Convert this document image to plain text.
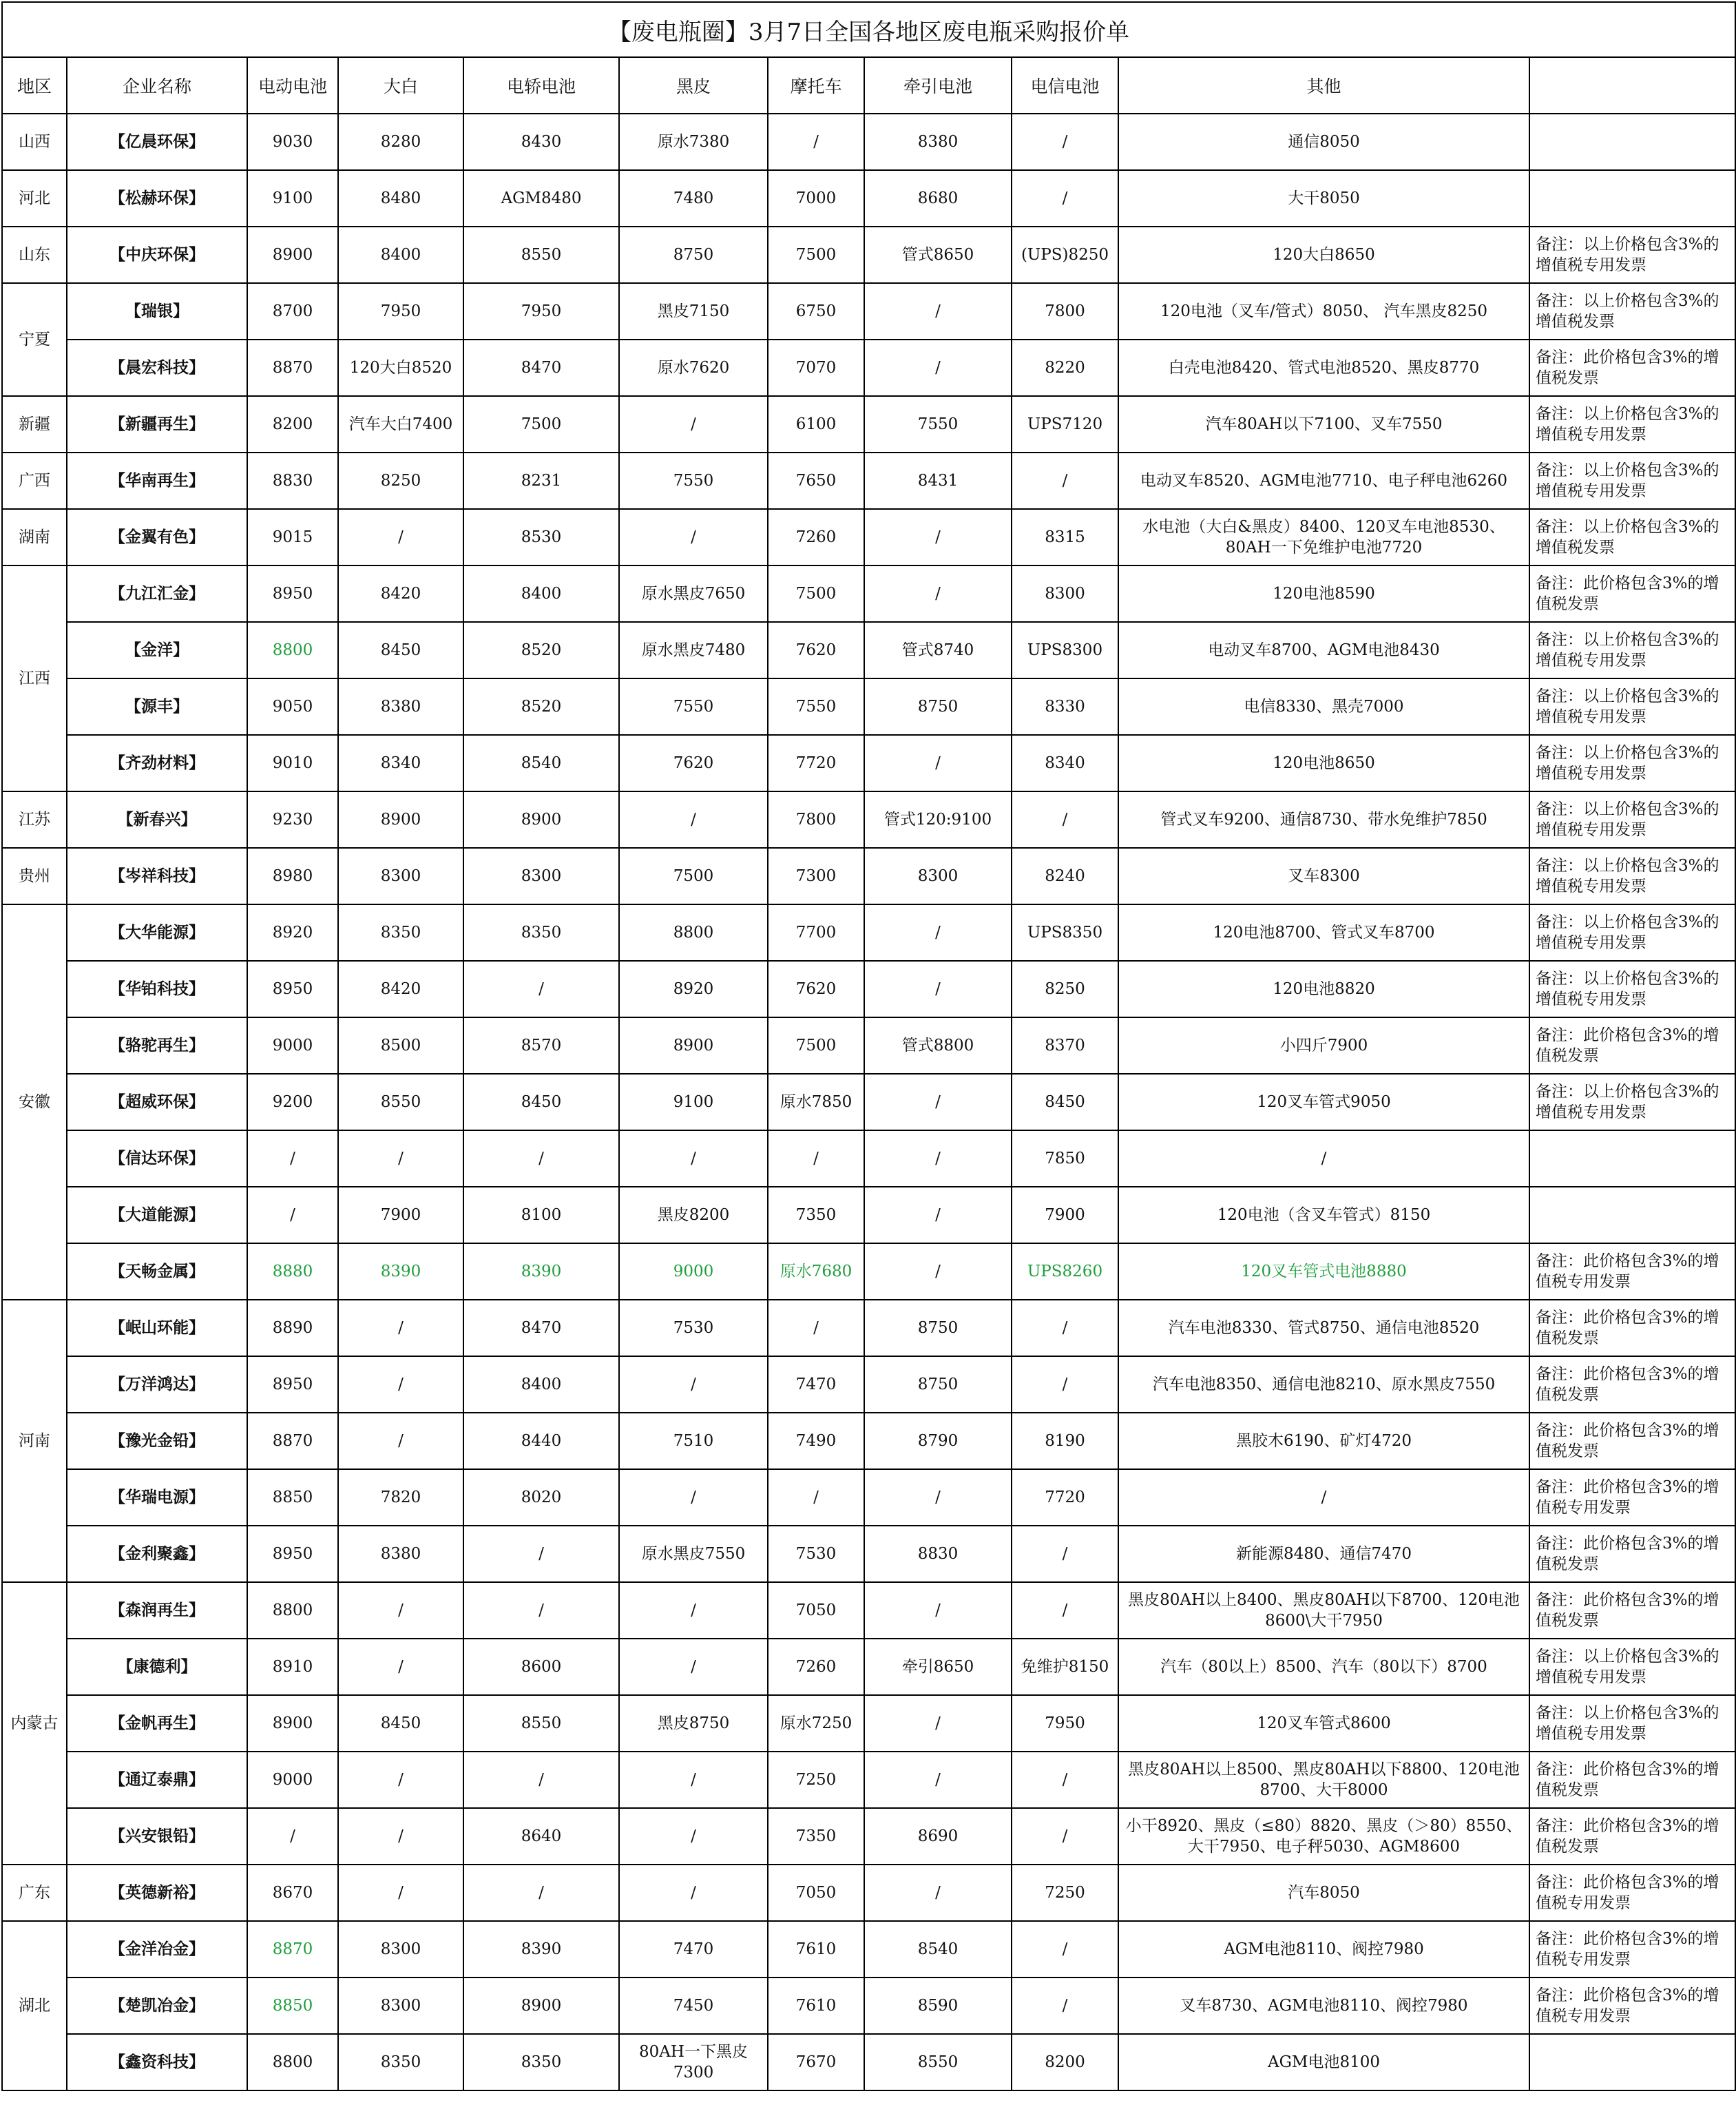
【废电瓶圈】3月7日全国各地区废电瓶采购报价单										
地区	企业名称	电动电池	大白	电轿电池	黑皮	摩托车	牵引电池	电信电池	其他	
山西	【亿晨环保】	9030	8280	8430	原水7380	/	8380	/	通信8050	
河北	【松赫环保】	9100	8480	AGM8480	7480	7000	8680	/	大干8050	
山东	【中庆环保】	8900	8400	8550	8750	7500	管式8650	(UPS)8250	120大白8650	备注：以上价格包含3%的增值税专用发票
宁夏	【瑞银】	8700	7950	7950	黑皮7150	6750	/	7800	120电池（叉车/管式）8050、 汽车黑皮8250	备注：以上价格包含3%的增值税发票
	【晨宏科技】	8870	120大白8520	8470	原水7620	7070	/	8220	白壳电池8420、管式电池8520、黑皮8770	备注：此价格包含3%的增值税发票
新疆	【新疆再生】	8200	汽车大白7400	7500	/	6100	7550	UPS7120	汽车80AH以下7100、叉车7550	备注：以上价格包含3%的增值税专用发票
广西	【华南再生】	8830	8250	8231	7550	7650	8431	/	电动叉车8520、AGM电池7710、电子秤电池6260	备注：以上价格包含3%的增值税专用发票
湖南	【金翼有色】	9015	/	8530	/	7260	/	8315	水电池（大白&黑皮）8400、120叉车电池8530、80AH一下免维护电池7720	备注：以上价格包含3%的增值税发票
江西	【九江汇金】	8950	8420	8400	原水黑皮7650	7500	/	8300	120电池8590	备注：此价格包含3%的增值税发票
	【金洋】	8800	8450	8520	原水黑皮7480	7620	管式8740	UPS8300	电动叉车8700、AGM电池8430	备注：以上价格包含3%的增值税专用发票
	【源丰】	9050	8380	8520	7550	7550	8750	8330	电信8330、黑壳7000	备注：以上价格包含3%的增值税专用发票
	【齐劲材料】	9010	8340	8540	7620	7720	/	8340	120电池8650	备注：以上价格包含3%的增值税专用发票
江苏	【新春兴】	9230	8900	8900	/	7800	管式120:9100	/	管式叉车9200、通信8730、带水免维护7850	备注：以上价格包含3%的增值税专用发票
贵州	【岑祥科技】	8980	8300	8300	7500	7300	8300	8240	叉车8300	备注：以上价格包含3%的增值税专用发票
安徽	【大华能源】	8920	8350	8350	8800	7700	/	UPS8350	120电池8700、管式叉车8700	备注：以上价格包含3%的增值税专用发票
	【华铂科技】	8950	8420	/	8920	7620	/	8250	120电池8820	备注：以上价格包含3%的增值税专用发票
	【骆驼再生】	9000	8500	8570	8900	7500	管式8800	8370	小四斤7900	备注：此价格包含3%的增值税发票
	【超威环保】	9200	8550	8450	9100	原水7850	/	8450	120叉车管式9050	备注：以上价格包含3%的增值税专用发票
	【信达环保】	/	/	/	/	/	/	7850	/	
	【大道能源】	/	7900	8100	黑皮8200	7350	/	7900	120电池（含叉车管式）8150	
	【天畅金属】	8880	8390	8390	9000	原水7680	/	UPS8260	120叉车管式电池8880	备注：此价格包含3%的增值税专用发票
河南	【岷山环能】	8890	/	8470	7530	/	8750	/	汽车电池8330、管式8750、通信电池8520	备注：此价格包含3%的增值税发票
	【万洋鸿达】	8950	/	8400	/	7470	8750	/	汽车电池8350、通信电池8210、原水黑皮7550	备注：此价格包含3%的增值税发票
	【豫光金铅】	8870	/	8440	7510	7490	8790	8190	黑胶木6190、矿灯4720	备注：此价格包含3%的增值税发票
	【华瑞电源】	8850	7820	8020	/	/	/	7720	/	备注：此价格包含3%的增值税专用发票
	【金利聚鑫】	8950	8380	/	原水黑皮7550	7530	8830	/	新能源8480、通信7470	备注：此价格包含3%的增值税发票
内蒙古	【森润再生】	8800	/	/	/	7050	/	/	黑皮80AH以上8400、黑皮80AH以下8700、120电池8600\大干7950	备注：此价格包含3%的增值税发票
	【康德利】	8910	/	8600	/	7260	牵引8650	免维护8150	汽车（80以上）8500、汽车（80以下）8700	备注：以上价格包含3%的增值税专用发票
	【金帆再生】	8900	8450	8550	黑皮8750	原水7250	/	7950	120叉车管式8600	备注：以上价格包含3%的增值税专用发票
	【通辽泰鼎】	9000	/	/	/	7250	/	/	黑皮80AH以上8500、黑皮80AH以下8800、120电池8700、大干8000	备注：此价格包含3%的增值税发票
	【兴安银铅】	/	/	8640	/	7350	8690	/	小干8920、黑皮（≤80）8820、黑皮（＞80）8550、大干7950、电子秤5030、AGM8600	备注：此价格包含3%的增值税发票
广东	【英德新裕】	8670	/	/	/	7050	/	7250	汽车8050	备注：此价格包含3%的增值税专用发票
湖北	【金洋冶金】	8870	8300	8390	7470	7610	8540	/	AGM电池8110、阀控7980	备注：此价格包含3%的增值税专用发票
	【楚凯冶金】	8850	8300	8900	7450	7610	8590	/	叉车8730、AGM电池8110、阀控7980	备注：此价格包含3%的增值税专用发票
	【鑫资科技】	8800	8350	8350	80AH一下黑皮7300	7670	8550	8200	AGM电池8100	
